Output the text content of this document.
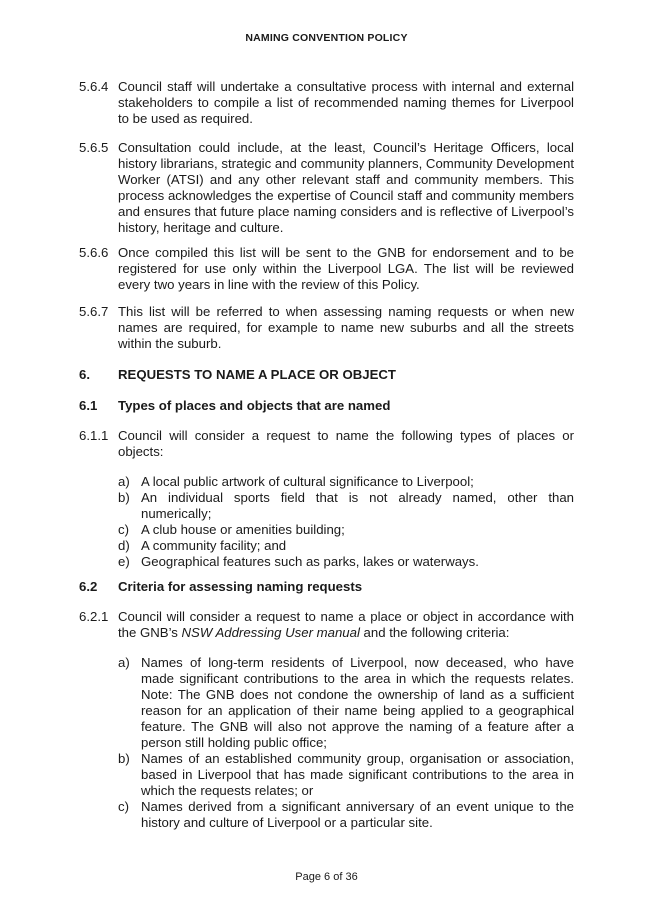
NAMING CONVENTION POLICY
5.6.4 Council staff will undertake a consultative process with internal and external stakeholders to compile a list of recommended naming themes for Liverpool to be used as required.
5.6.5 Consultation could include, at the least, Council’s Heritage Officers, local history librarians, strategic and community planners, Community Development Worker (ATSI) and any other relevant staff and community members. This process acknowledges the expertise of Council staff and community members and ensures that future place naming considers and is reflective of Liverpool’s history, heritage and culture.
5.6.6 Once compiled this list will be sent to the GNB for endorsement and to be registered for use only within the Liverpool LGA. The list will be reviewed every two years in line with the review of this Policy.
5.6.7 This list will be referred to when assessing naming requests or when new names are required, for example to name new suburbs and all the streets within the suburb.
6.	REQUESTS TO NAME A PLACE OR OBJECT
6.1	Types of places and objects that are named
6.1.1 Council will consider a request to name the following types of places or objects:
a) A local public artwork of cultural significance to Liverpool;
b) An individual sports field that is not already named, other than numerically;
c) A club house or amenities building;
d) A community facility; and
e) Geographical features such as parks, lakes or waterways.
6.2	Criteria for assessing naming requests
6.2.1 Council will consider a request to name a place or object in accordance with the GNB’s NSW Addressing User manual and the following criteria:
a) Names of long-term residents of Liverpool, now deceased, who have made significant contributions to the area in which the requests relates. Note: The GNB does not condone the ownership of land as a sufficient reason for an application of their name being applied to a geographical feature. The GNB will also not approve the naming of a feature after a person still holding public office;
b) Names of an established community group, organisation or association, based in Liverpool that has made significant contributions to the area in which the requests relates; or
c) Names derived from a significant anniversary of an event unique to the history and culture of Liverpool or a particular site.
Page 6 of 36
